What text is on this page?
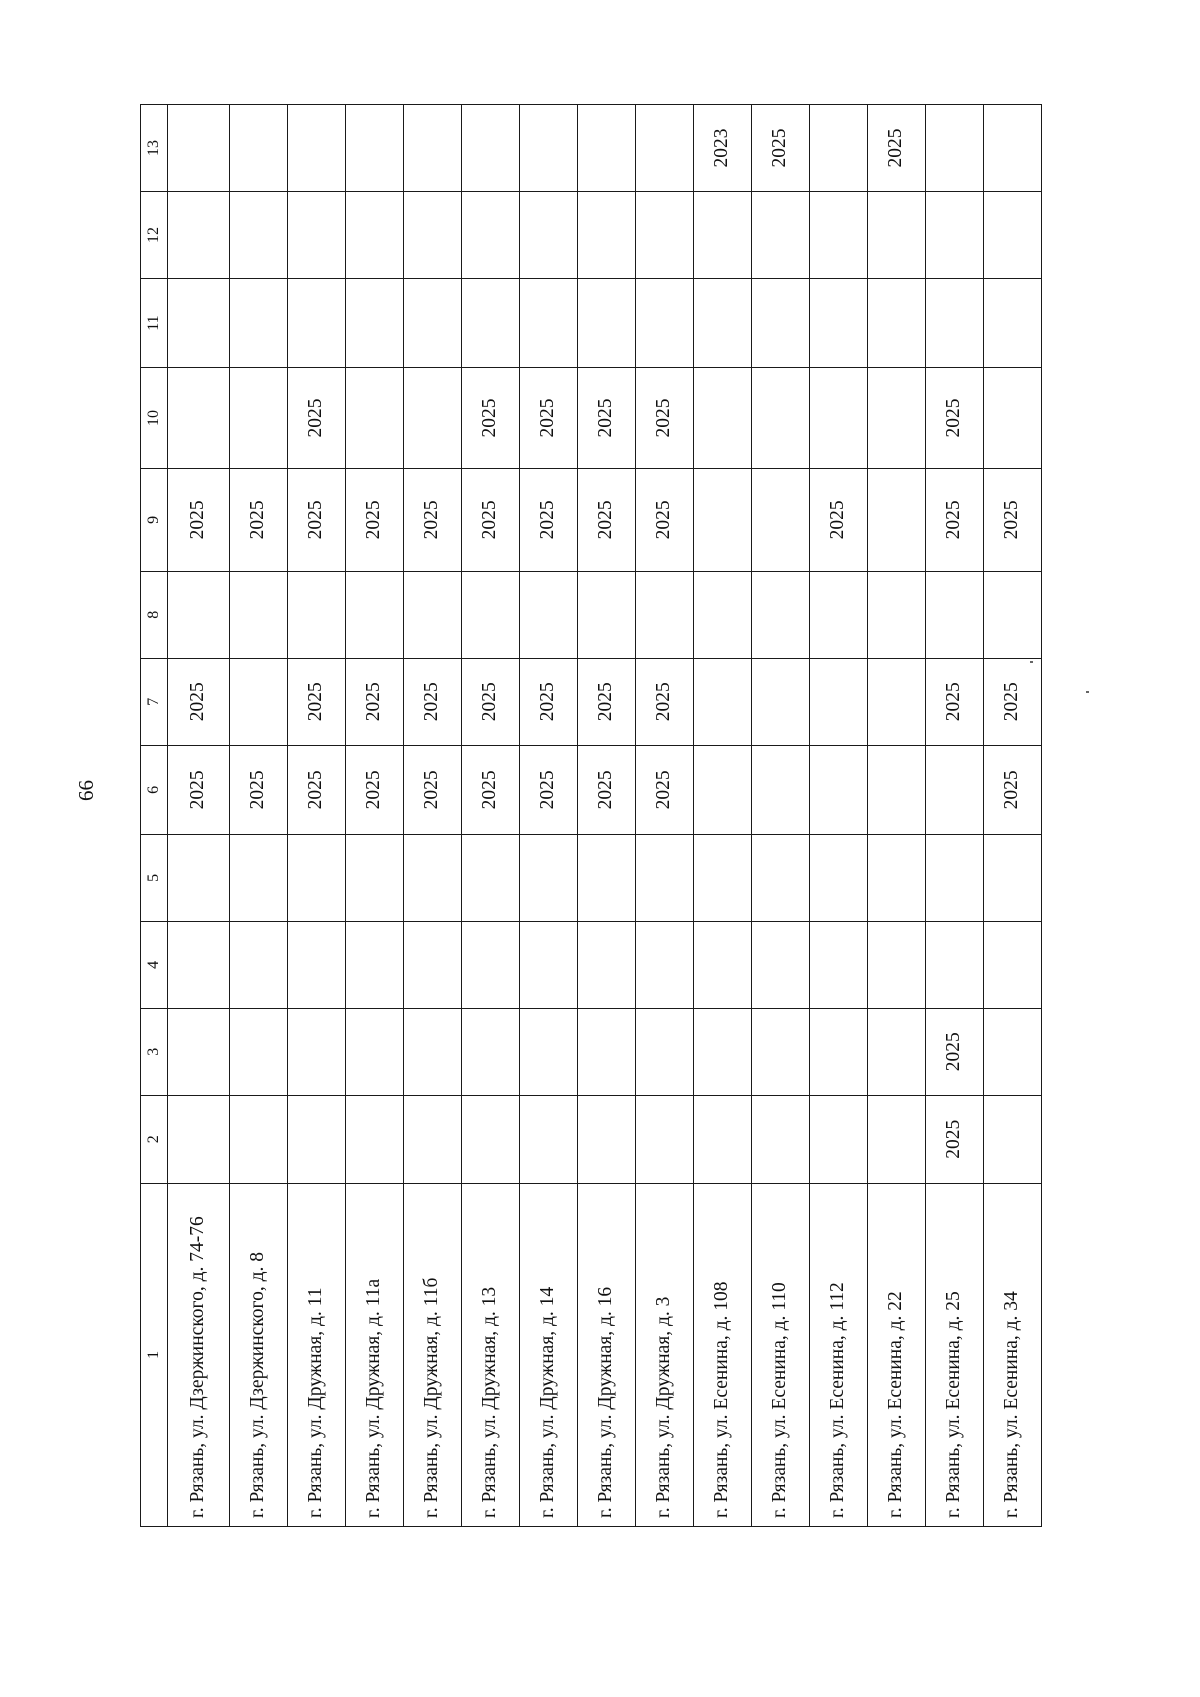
66
1	2	3	4	5	6	7	8	9	10	11	12	13
г. Рязань, ул. Дзержинского, д. 74-76					2025	2025		2025				
г. Рязань, ул. Дзержинского, д. 8					2025			2025				
г. Рязань, ул. Дружная, д. 11					2025	2025		2025	2025			
г. Рязань, ул. Дружная, д. 11а					2025	2025		2025				
г. Рязань, ул. Дружная, д. 11б					2025	2025		2025				
г. Рязань, ул. Дружная, д. 13					2025	2025		2025	2025			
г. Рязань, ул. Дружная, д. 14					2025	2025		2025	2025			
г. Рязань, ул. Дружная, д. 16					2025	2025		2025	2025			
г. Рязань, ул. Дружная, д. 3					2025	2025		2025	2025			
г. Рязань, ул. Есенина, д. 108												2023
г. Рязань, ул. Есенина, д. 110												2025
г. Рязань, ул. Есенина, д. 112								2025				
г. Рязань, ул. Есенина, д. 22												2025
г. Рязань, ул. Есенина, д. 25	2025	2025				2025		2025	2025			
г. Рязань, ул. Есенина, д. 34					2025	2025		2025				
